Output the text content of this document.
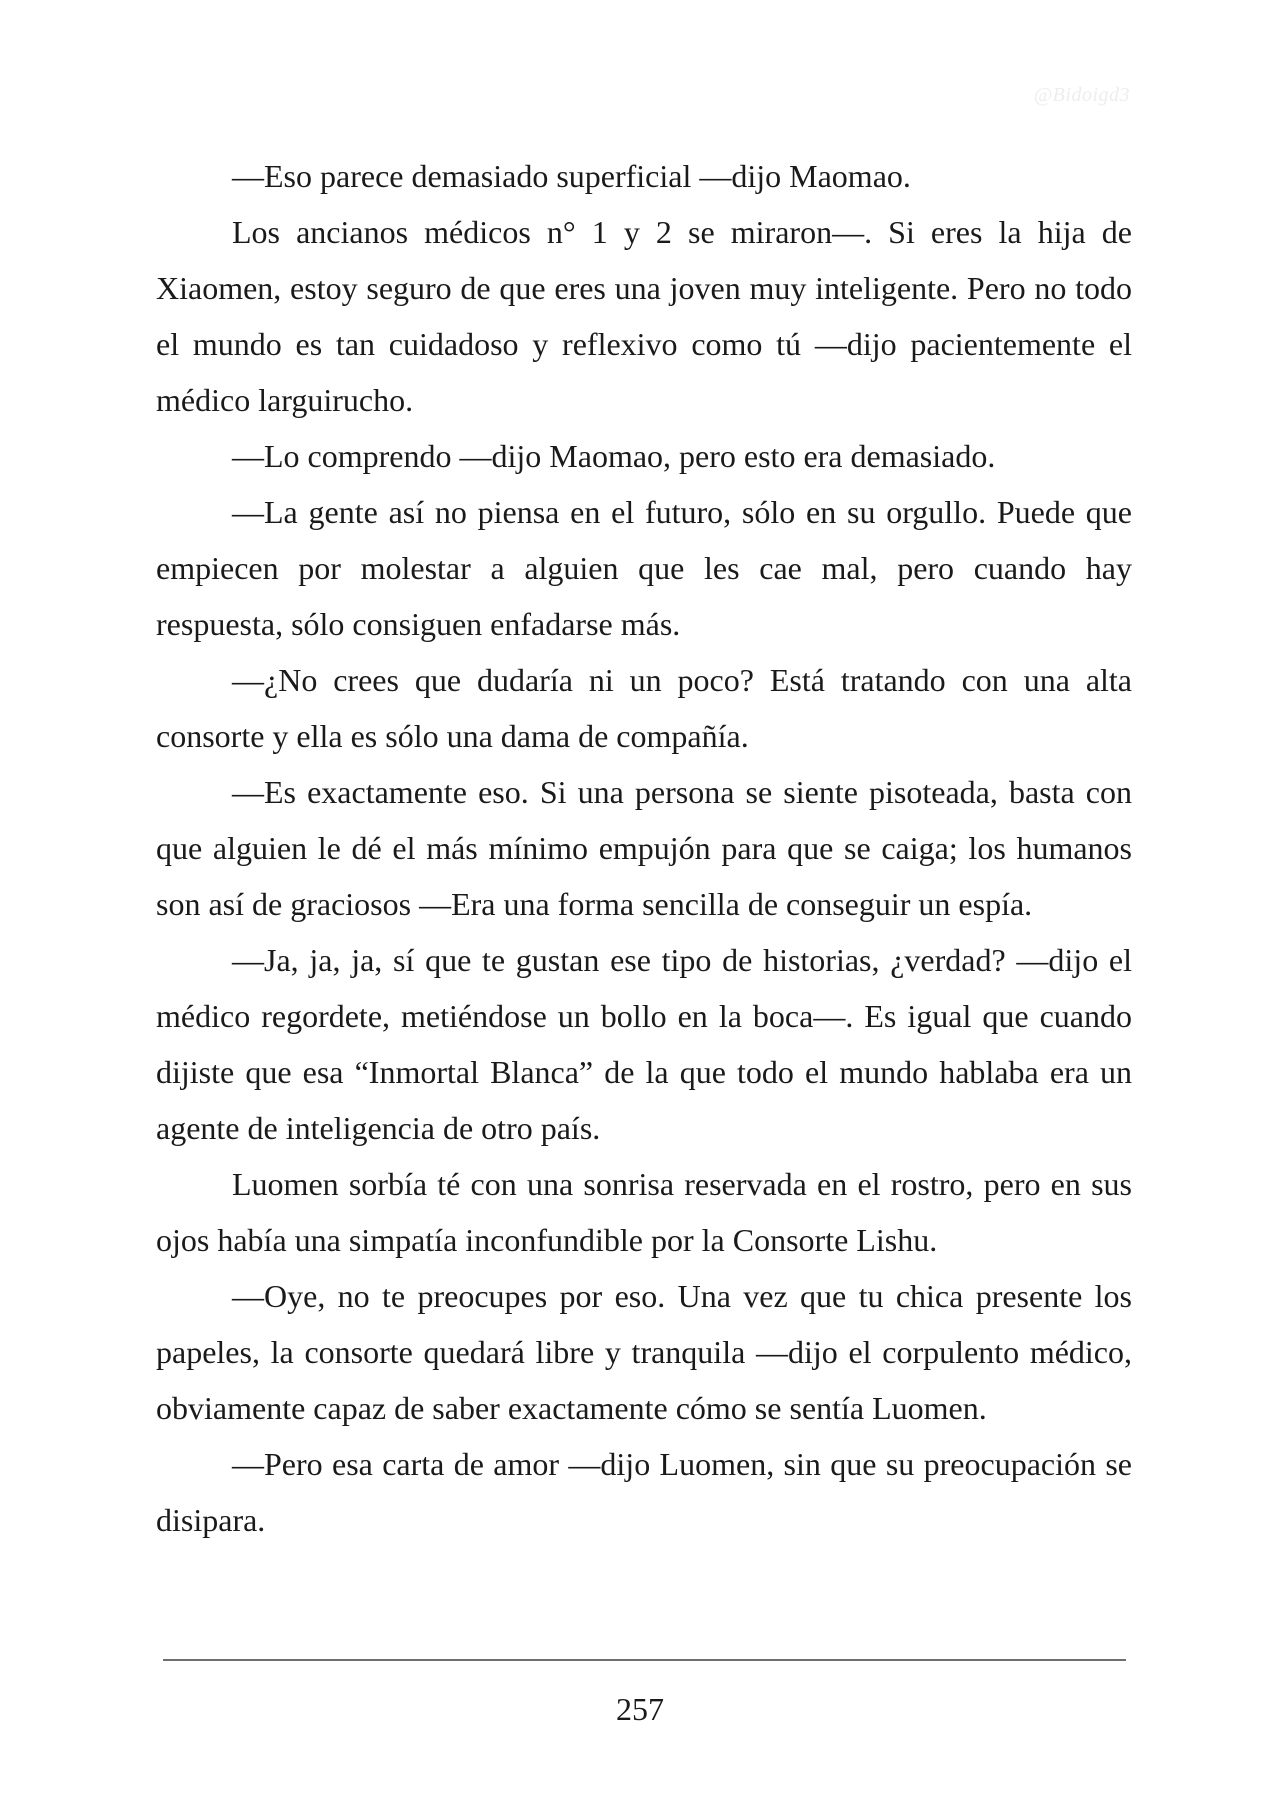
@Bidoigd3

—Eso parece demasiado superficial —dijo Maomao.

Los ancianos médicos n° 1 y 2 se miraron—. Si eres la hija de Xiaomen, estoy seguro de que eres una joven muy inteligente. Pero no todo el mundo es tan cuidadoso y reflexivo como tú —dijo pacientemente el médico larguirucho.

—Lo comprendo —dijo Maomao, pero esto era demasiado.

—La gente así no piensa en el futuro, sólo en su orgullo. Puede que empiecen por molestar a alguien que les cae mal, pero cuando hay respuesta, sólo consiguen enfadarse más.

—¿No crees que dudaría ni un poco? Está tratando con una alta consorte y ella es sólo una dama de compañía.

—Es exactamente eso. Si una persona se siente pisoteada, basta con que alguien le dé el más mínimo empujón para que se caiga; los humanos son así de graciosos —Era una forma sencilla de conseguir un espía.

—Ja, ja, ja, sí que te gustan ese tipo de historias, ¿verdad? —dijo el médico regordete, metiéndose un bollo en la boca—. Es igual que cuando dijiste que esa “Inmortal Blanca” de la que todo el mundo hablaba era un agente de inteligencia de otro país.

Luomen sorbía té con una sonrisa reservada en el rostro, pero en sus ojos había una simpatía inconfundible por la Consorte Lishu.

—Oye, no te preocupes por eso. Una vez que tu chica presente los papeles, la consorte quedará libre y tranquila —dijo el corpulento médico, obviamente capaz de saber exactamente cómo se sentía Luomen.

—Pero esa carta de amor —dijo Luomen, sin que su preocupación se disipara.

257
